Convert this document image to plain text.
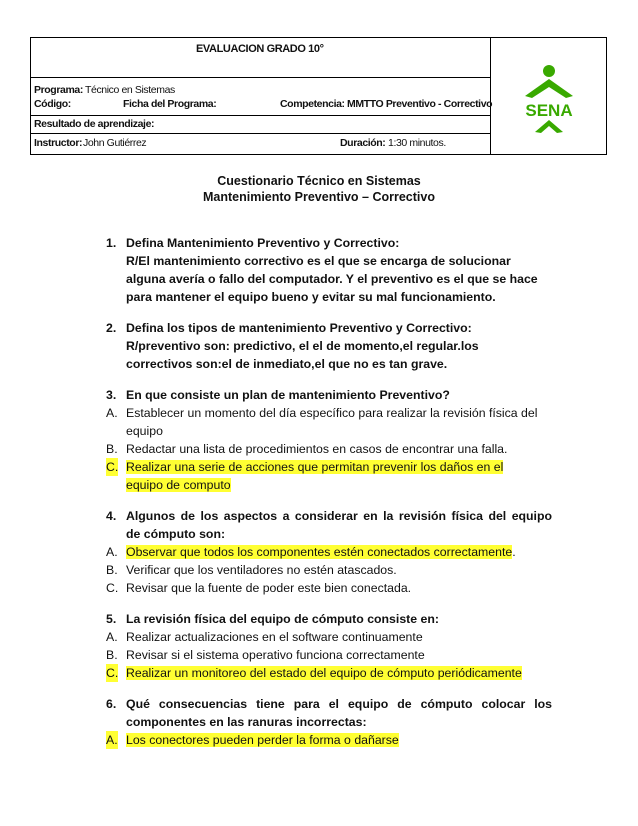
EVALUACION GRADO 10°
Programa: Técnico en Sistemas
Código:	Ficha del Programa:	Competencia: MMTTO Preventivo - Correctivo
Resultado de aprendizaje:
Instructor: John Gutiérrez	Duración: 1:30 minutos.
SENA
Cuestionario Técnico en Sistemas
Mantenimiento Preventivo – Correctivo
1. Defina Mantenimiento Preventivo y Correctivo:
R/El mantenimiento correctivo es el que se encarga de solucionar
alguna avería o fallo del computador. Y el preventivo es el que se hace
para mantener el equipo bueno y evitar su mal funcionamiento.
2. Defina los tipos de mantenimiento Preventivo y Correctivo:
R/preventivo son: predictivo, el el de momento,el regular.los
correctivos son:el de inmediato,el que no es tan grave.
3. En que consiste un plan de mantenimiento Preventivo?
A. Establecer un momento del día específico para realizar la revisión física del
equipo
B. Redactar una lista de procedimientos en casos de encontrar una falla.
C. Realizar una serie de acciones que permitan prevenir los daños en el
equipo de computo
4. Algunos de los aspectos a considerar en la revisión física del equipo
de cómputo son:
A. Observar que todos los componentes estén conectados correctamente.
B. Verificar que los ventiladores no estén atascados.
C. Revisar que la fuente de poder este bien conectada.
5. La revisión física del equipo de cómputo consiste en:
A. Realizar actualizaciones en el software continuamente
B. Revisar si el sistema operativo funciona correctamente
C. Realizar un monitoreo del estado del equipo de cómputo periódicamente
6. Qué consecuencias tiene para el equipo de cómputo colocar los
componentes en las ranuras incorrectas:
A. Los conectores pueden perder la forma o dañarse
